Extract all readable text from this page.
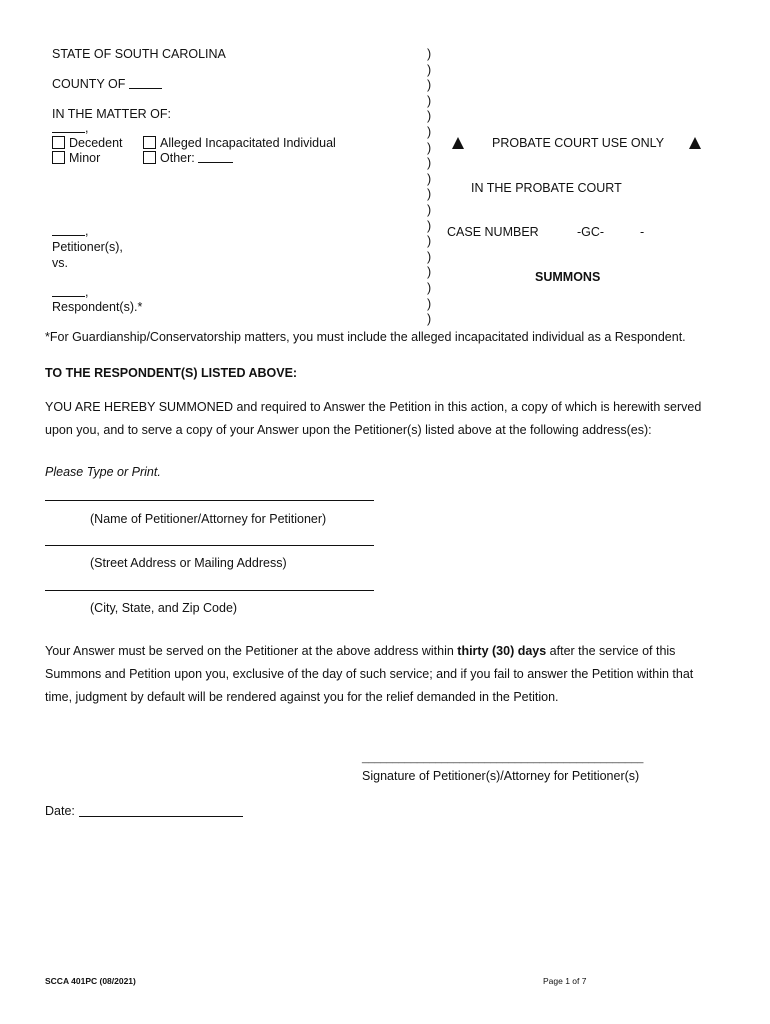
STATE OF SOUTH CAROLINA
COUNTY OF
IN THE MATTER OF:
,
Decedent
Minor
Alleged Incapacitated Individual
Other:
,
Petitioner(s),
vs.
,
Respondent(s).*
)
)
)
)
)
)
)
)
)
)
)
)
)
)
)
)
)
)
PROBATE COURT USE ONLY
IN THE PROBATE COURT
CASE NUMBER	-GC-	-
SUMMONS
*For Guardianship/Conservatorship matters, you must include the alleged incapacitated individual as a Respondent.
TO THE RESPONDENT(S) LISTED ABOVE:
YOU ARE HEREBY SUMMONED and required to Answer the Petition in this action, a copy of which is herewith served
upon you, and to serve a copy of your Answer upon the Petitioner(s) listed above at the following address(es):
Please Type or Print.
(Name of Petitioner/Attorney for Petitioner)
(Street Address or Mailing Address)
(City, State, and Zip Code)
Your Answer must be served on the Petitioner at the above address within thirty (30) days after the service of this
Summons and Petition upon you, exclusive of the day of such service; and if you fail to answer the Petition within that
time, judgment by default will be rendered against you for the relief demanded in the Petition.
______________________________________________
Signature of Petitioner(s)/Attorney for Petitioner(s)
Date:
SCCA 401PC (08/2021)	Page 1 of 7
